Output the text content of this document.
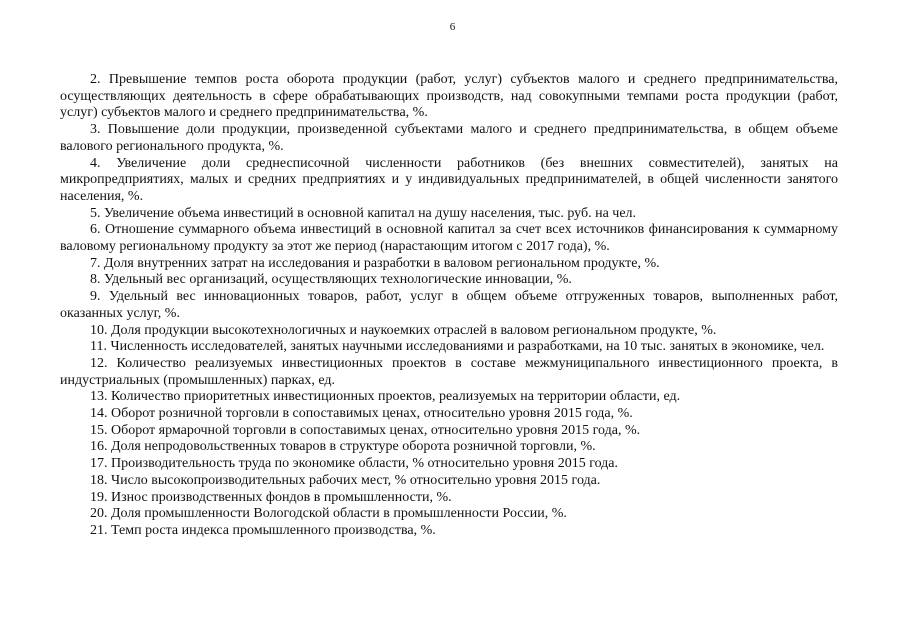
6

2. Превышение темпов роста оборота продукции (работ, услуг) субъектов малого и среднего предпринимательства, осуществляющих деятельность в сфере обрабатывающих производств, над совокупными темпами роста продукции (работ, услуг) субъектов малого и среднего предпринимательства, %.

3. Повышение доли продукции, произведенной субъектами малого и среднего предпринимательства, в общем объеме валового регионального продукта, %.

4. Увеличение доли среднесписочной численности работников (без внешних совместителей), занятых на микропредприятиях, малых и средних предприятиях и у индивидуальных предпринимателей, в общей численности занятого населения, %.

5. Увеличение объема инвестиций в основной капитал на душу населения, тыс. руб. на чел.

6. Отношение суммарного объема инвестиций в основной капитал за счет всех источников финансирования к суммарному валовому региональному продукту за этот же период (нарастающим итогом с 2017 года), %.

7. Доля внутренних затрат на исследования и разработки в валовом региональном продукте, %.

8. Удельный вес организаций, осуществляющих технологические инновации, %.

9. Удельный вес инновационных товаров, работ, услуг в общем объеме отгруженных товаров, выполненных работ, оказанных услуг, %.

10. Доля продукции высокотехнологичных и наукоемких отраслей в валовом региональном продукте, %.

11. Численность исследователей, занятых научными исследованиями и разработками, на 10 тыс. занятых в экономике, чел.

12. Количество реализуемых инвестиционных проектов в составе межмуниципального инвестиционного проекта, в индустриальных (промышленных) парках, ед.

13. Количество приоритетных инвестиционных проектов, реализуемых на территории области, ед.

14. Оборот розничной торговли в сопоставимых ценах, относительно уровня 2015 года, %.

15. Оборот ярмарочной торговли в сопоставимых ценах, относительно уровня 2015 года, %.

16. Доля непродовольственных товаров в структуре оборота розничной торговли, %.

17. Производительность труда по экономике области, % относительно уровня 2015 года.

18. Число высокопроизводительных рабочих мест, % относительно уровня 2015 года.

19. Износ производственных фондов в промышленности, %.

20. Доля промышленности Вологодской области в промышленности России, %.

21. Темп роста индекса промышленного производства, %.
